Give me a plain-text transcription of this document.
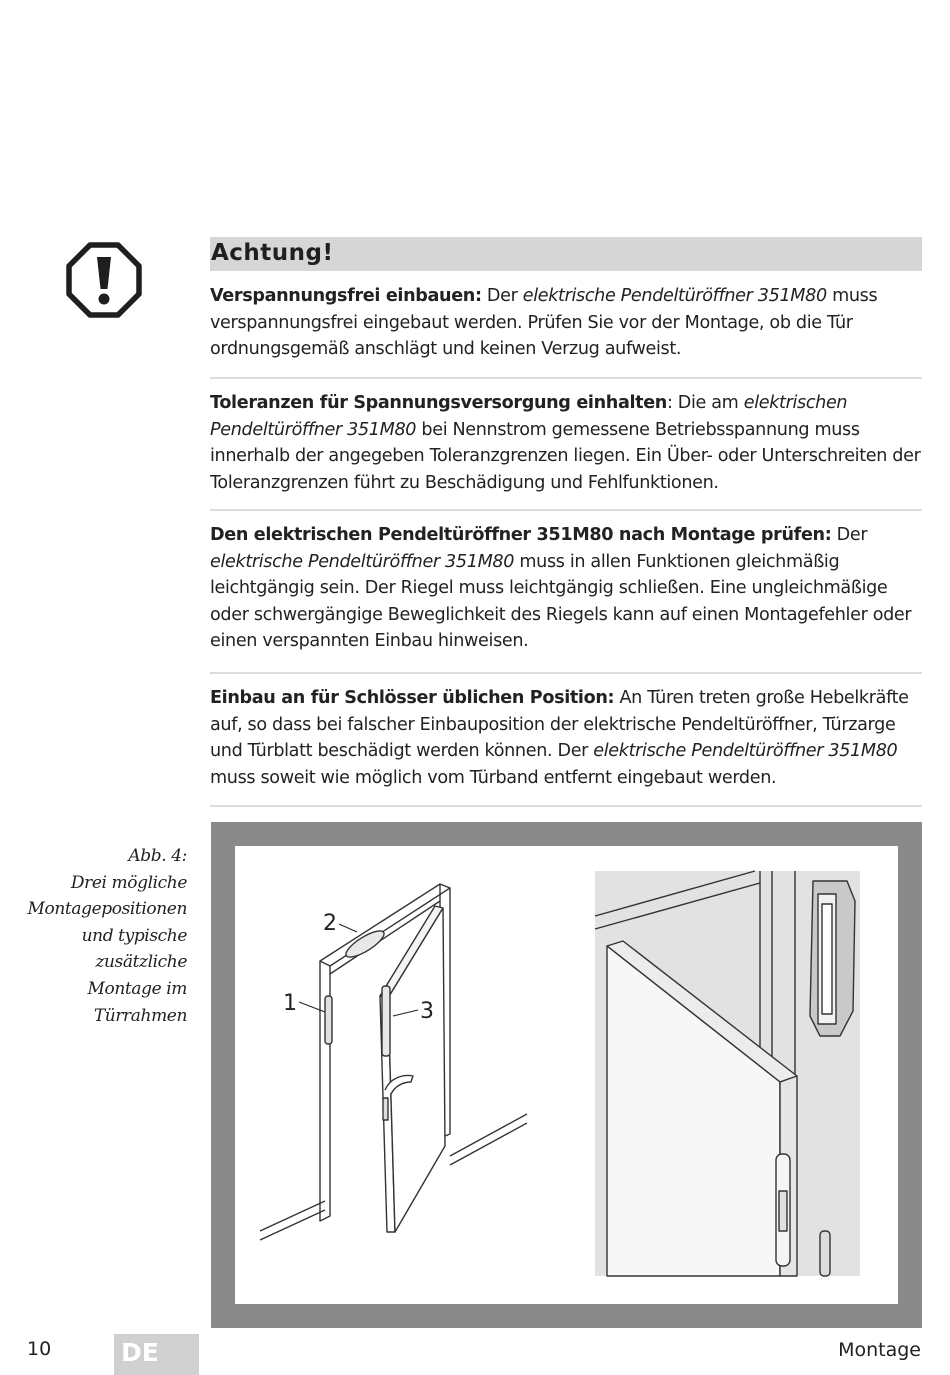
Achtung!
Verspannungsfrei einbauen: Der elektrische Pendeltüröffner 351M80 muss verspannungsfrei eingebaut werden. Prüfen Sie vor der Montage, ob die Tür ordnungsgemäß anschlägt und keinen Verzug aufweist.
Toleranzen für Spannungsversorgung einhalten: Die am elektrischen Pendeltüröffner 351M80 bei Nennstrom gemessene Betriebsspannung muss innerhalb der angegeben Toleranzgrenzen liegen. Ein Über- oder Unterschreiten der Toleranzgrenzen führt zu Beschädigung und Fehlfunktionen.
Den elektrischen Pendeltüröffner 351M80 nach Montage prüfen: Der elektrische Pendeltüröffner 351M80 muss in allen Funktionen gleichmäßig leichtgängig sein. Der Riegel muss leichtgängig schließen. Eine ungleichmäßige oder schwergängige Beweglichkeit des Riegels kann auf einen Montagefehler oder einen verspannten Einbau hinweisen.
Einbau an für Schlösser üblichen Position: An Türen treten große Hebelkräfte auf, so dass bei falscher Einbauposition der elektrische Pendeltüröffner, Türzarge und Türblatt beschädigt werden können. Der elektrische Pendeltüröffner 351M80 muss soweit wie möglich vom Türband entfernt eingebaut werden.
Abb. 4:
Drei mögliche
Montagepositionen
und typische
zusätzliche
Montage im
Türrahmen
2
1	3
10	DE	Montage
